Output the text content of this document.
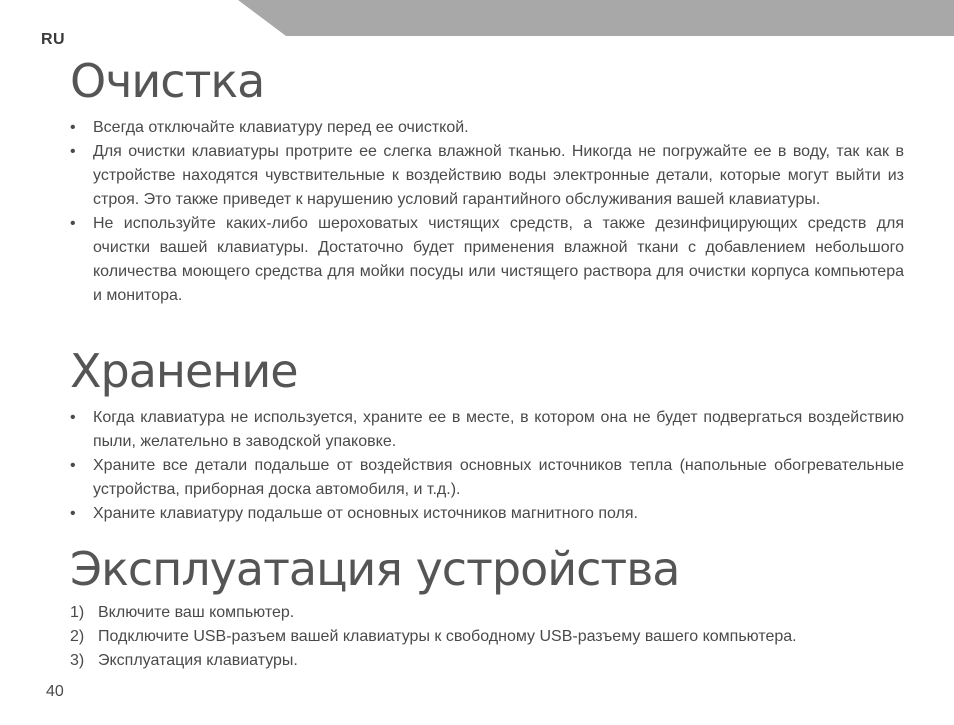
RU
Очистка
• Всегда отключайте клавиатуру перед ее очисткой.
• Для очистки клавиатуры протрите ее слегка влажной тканью. Никогда не погружайте ее в воду, так как в устройстве находятся чувствительные к воздействию воды электронные детали, которые могут выйти из строя. Это также приведет к нарушению условий гарантийного обслуживания вашей клавиатуры.
• Не используйте каких-либо шероховатых чистящих средств, а также дезинфицирующих средств для очистки вашей клавиатуры. Достаточно будет применения влажной ткани с добавлением небольшого количества моющего средства для мойки посуды или чистящего раствора для очистки корпуса компьютера и монитора.
Хранение
• Когда клавиатура не используется, храните ее в месте, в котором она не будет подвергаться воздействию пыли, желательно в заводской упаковке.
• Храните все детали подальше от воздействия основных источников тепла (напольные обогревательные устройства, приборная доска автомобиля, и т.д.).
• Храните клавиатуру подальше от основных источников магнитного поля.
Эксплуатация устройства
1) Включите ваш компьютер.
2) Подключите USB-разъем вашей клавиатуры к свободному USB-разъему вашего компьютера.
3) Эксплуатация клавиатуры.
40
